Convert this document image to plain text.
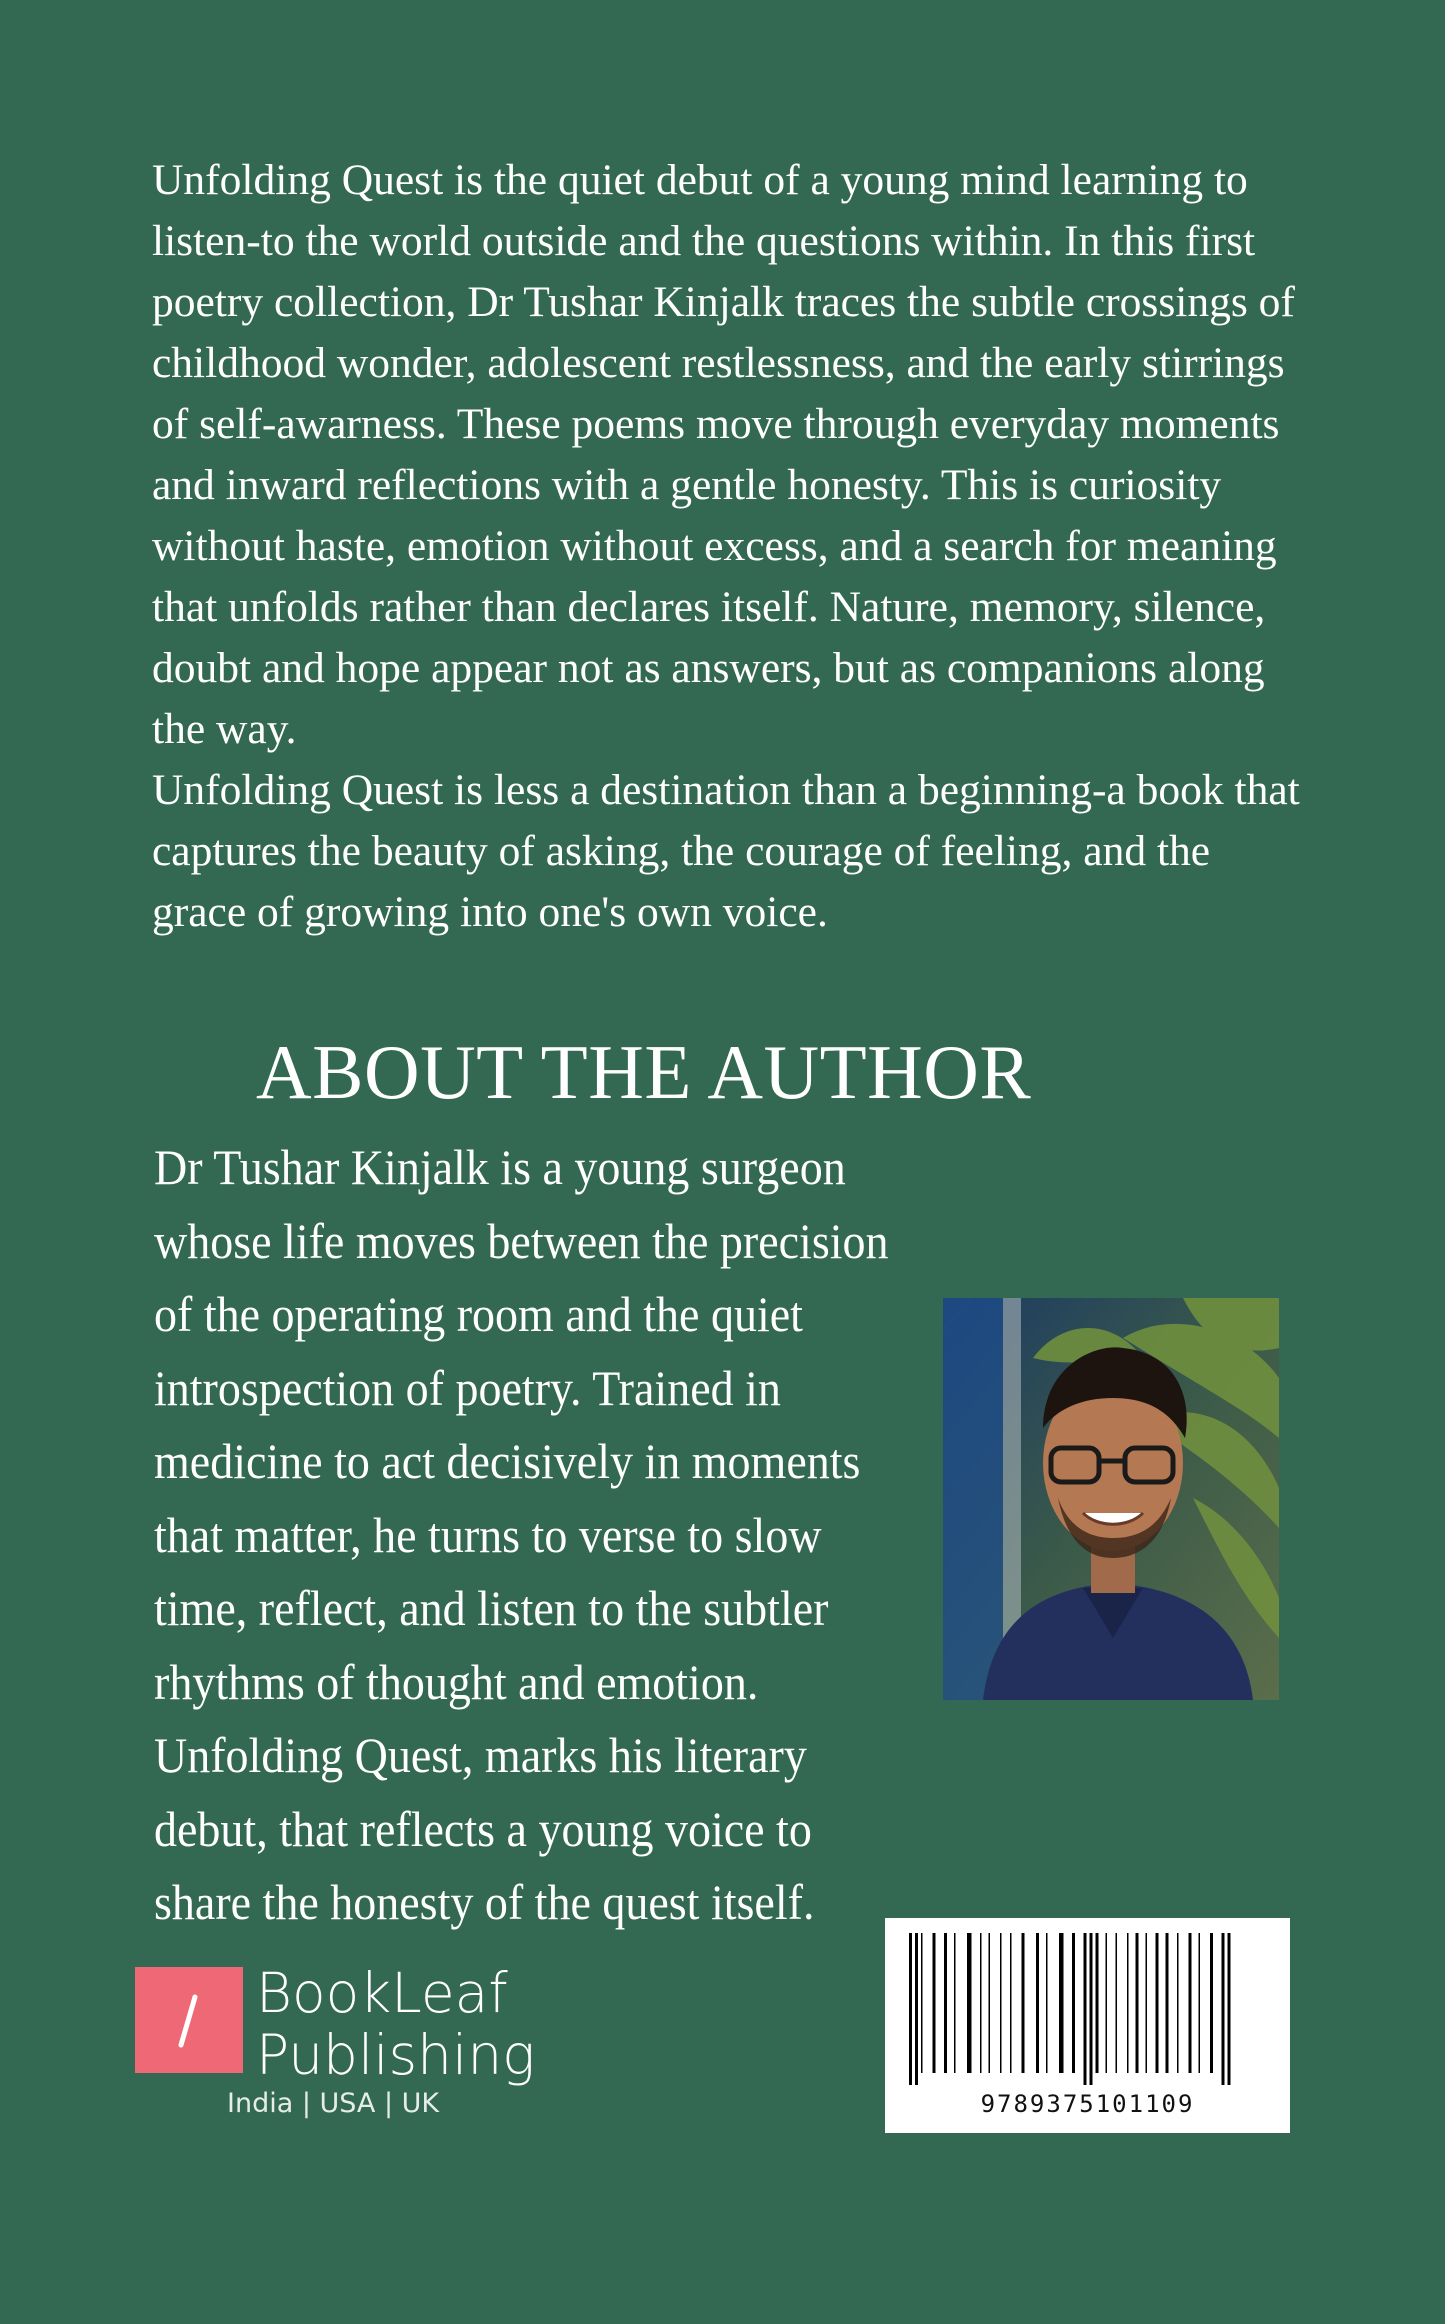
Unfolding Quest is the quiet debut of a young mind learning to listen-to the world outside and the questions within. In this first poetry collection, Dr Tushar Kinjalk traces the subtle crossings of childhood wonder, adolescent restlessness, and the early stirrings of self-awarness. These poems move through everyday moments and inward reflections with a gentle honesty. This is curiosity without haste, emotion without excess, and a search for meaning that unfolds rather than declares itself. Nature, memory, silence, doubt and hope appear not as answers, but as companions along the way.

Unfolding Quest is less a destination than a beginning-a book that captures the beauty of asking, the courage of feeling, and the grace of growing into one's own voice.

ABOUT THE AUTHOR

Dr Tushar Kinjalk is a young surgeon whose life moves between the precision of the operating room and the quiet introspection of poetry. Trained in medicine to act decisively in moments that matter, he turns to verse to slow time, reflect, and listen to the subtler rhythms of thought and emotion. Unfolding Quest, marks his literary debut, that reflects a young voice to share the honesty of the quest itself.

BookLeaf
Publishing
India | USA | UK	9789375101109
